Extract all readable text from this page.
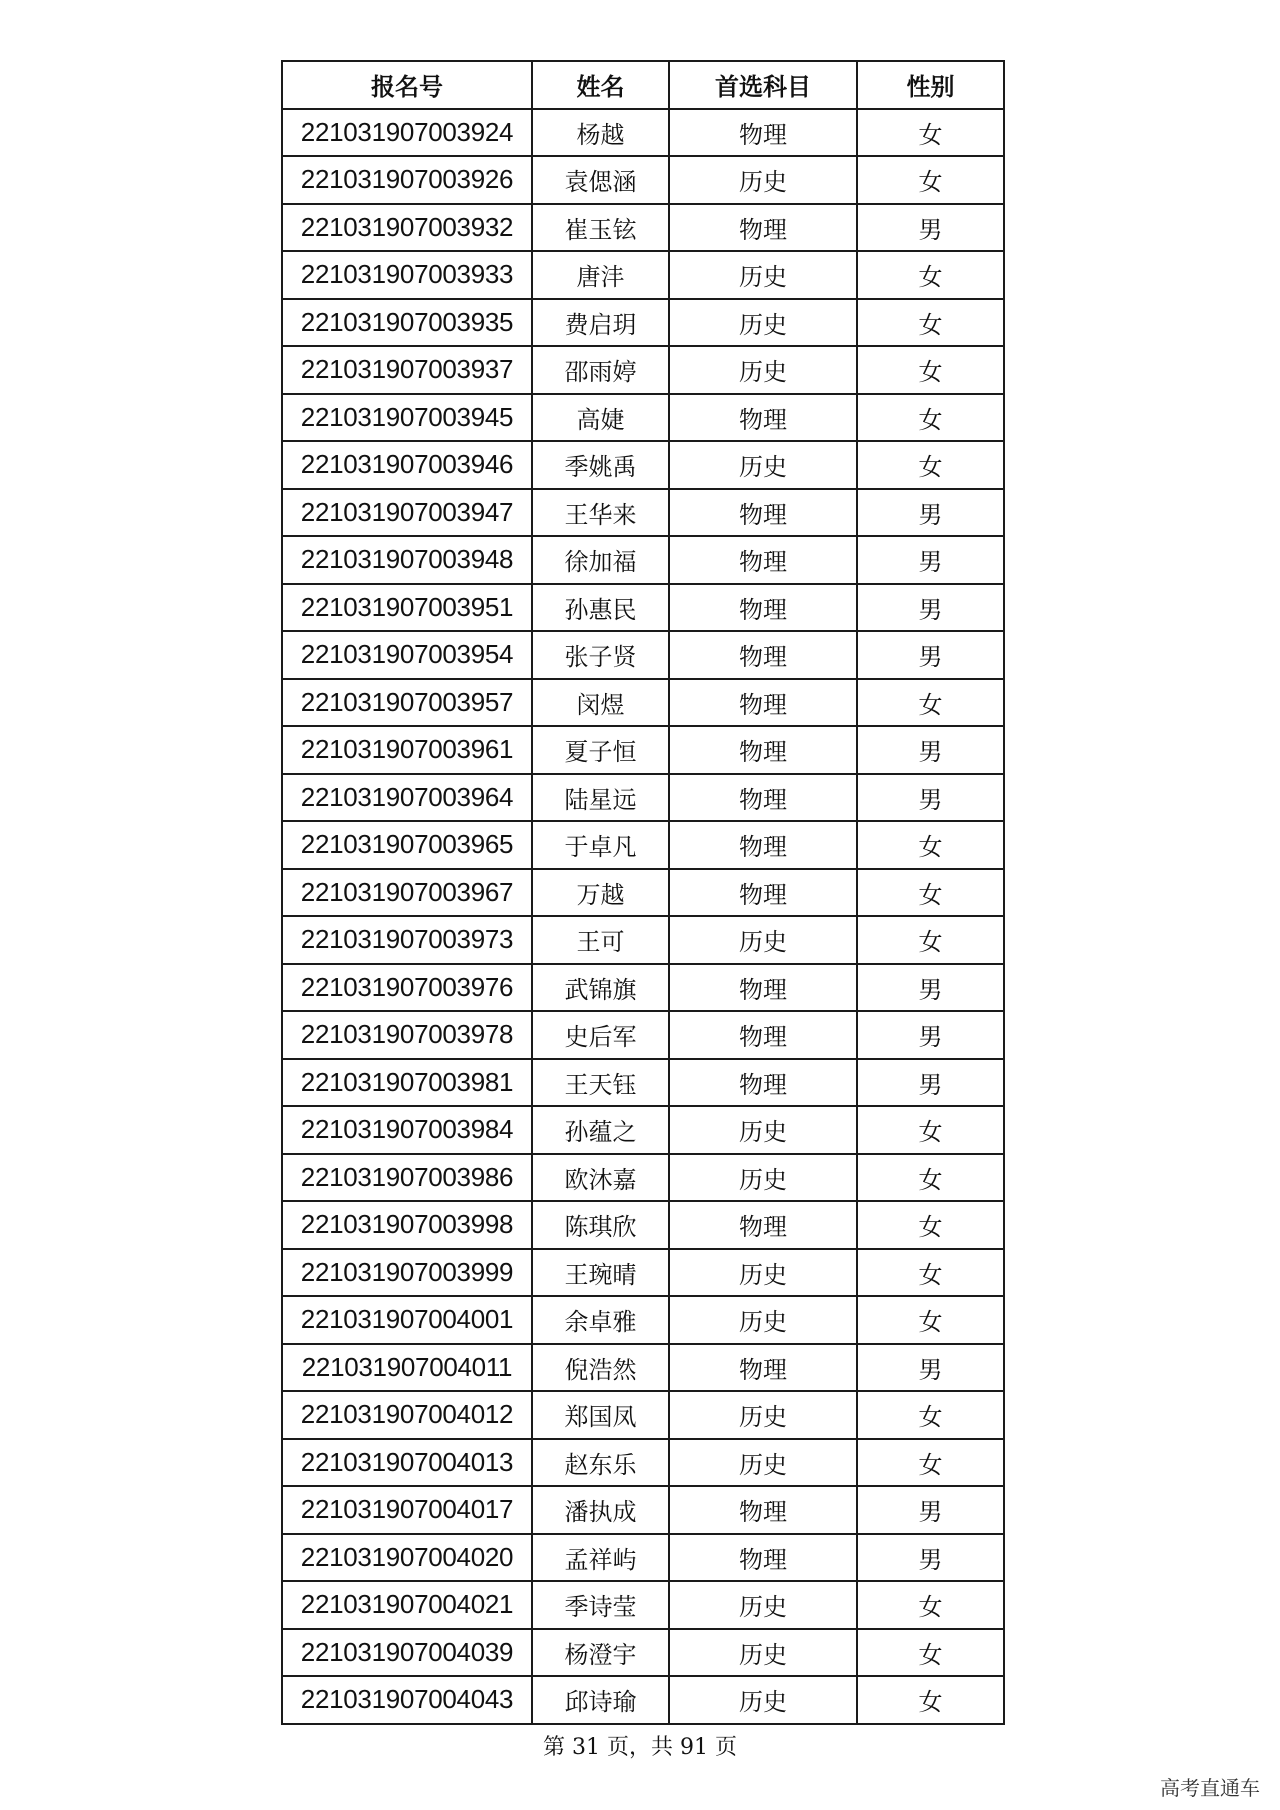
报名号	姓名	首选科目	性别
221031907003924	杨越	物理	女
221031907003926	袁偲涵	历史	女
221031907003932	崔玉铉	物理	男
221031907003933	唐沣	历史	女
221031907003935	费启玥	历史	女
221031907003937	邵雨婷	历史	女
221031907003945	高婕	物理	女
221031907003946	季姚禹	历史	女
221031907003947	王华来	物理	男
221031907003948	徐加福	物理	男
221031907003951	孙惠民	物理	男
221031907003954	张子贤	物理	男
221031907003957	闵煜	物理	女
221031907003961	夏子恒	物理	男
221031907003964	陆星远	物理	男
221031907003965	于卓凡	物理	女
221031907003967	万越	物理	女
221031907003973	王可	历史	女
221031907003976	武锦旗	物理	男
221031907003978	史后军	物理	男
221031907003981	王天钰	物理	男
221031907003984	孙蕴之	历史	女
221031907003986	欧沐嘉	历史	女
221031907003998	陈琪欣	物理	女
221031907003999	王琬晴	历史	女
221031907004001	余卓雅	历史	女
221031907004011	倪浩然	物理	男
221031907004012	郑国凤	历史	女
221031907004013	赵东乐	历史	女
221031907004017	潘执成	物理	男
221031907004020	孟祥屿	物理	男
221031907004021	季诗莹	历史	女
221031907004039	杨澄宇	历史	女
221031907004043	邱诗瑜	历史	女
第 31 页，共 91 页
高考直通车
